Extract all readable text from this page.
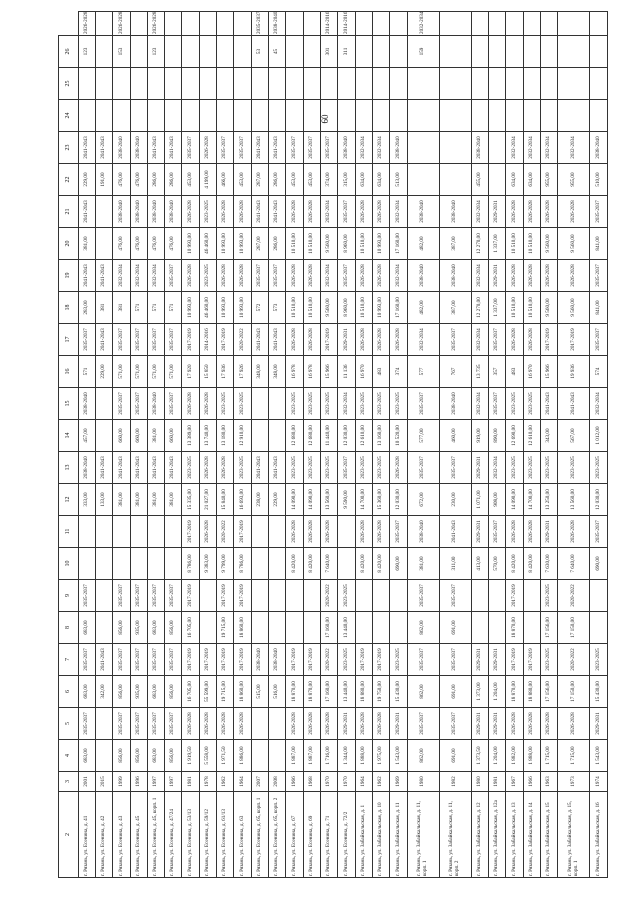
60
2	3	4	5	6	7	8	9	10	11	12	13	14	15	16	17	18	19	20	21	22	23	24	25	26	
г. Рязань, ул. Есенина, д. 41	2001	683,00	2035-2037	683,00	2035-2037	683,00	2035-2037			333,00	2038-2040	457,00	2038-2040	571	2035-2037	283,00	2041-2043	381,00	2041-2043	229,00	2041-2043			123	2026-2028
г. Рязань, ул. Есенина, д. 42	2015			342,00	2041-2043					133,00	2041-2043			229,00	2041-2043	381	2041-2043			191,00	2041-2043				
г. Рязань, ул. Есенина, д. 43	1999	856,00	2035-2037	856,00	2035-2037	856,00	2035-2037			381,00	2041-2043	660,00	2035-2037	571,00	2035-2037	381	2032-2034	476,00	2038-2040	476,00	2038-2040			153	2026-2028
г. Рязань, ул. Есенина, д. 45	1996	856,00	2035-2037	935,00	2035-2037	935,00	2035-2037			381,00	2041-2043	660,00	2035-2037	571,00	2035-2037	571	2032-2034	476,00	2038-2040	476,00	2038-2040				
г. Рязань, ул. Есенина, д. 45, корп. 1	1997	683,00	2035-2037	683,00	2035-2037	683,00	2035-2037			381,00	2041-2043	381,00	2038-2040	571,00	2035-2037	571	2032-2034	476,00	2038-2040	286,00	2041-2043			123	2026-2028
г. Рязань, ул. Есенина, д. 47/24	1997	856,00	2035-2037	856,00	2035-2037	856,00	2035-2037			381,00	2041-2043	660,00	2035-2037	571,00	2035-2037	571	2035-2037	476,00	2038-2040	286,00	2041-2043				
г. Рязань, ул. Есенина, д. 53/13	1981	1 919,50	2026-2028	16 705,00	2017-2019	16 705,00	2017-2019	8 786,00	2017-2019	15 335,00	2023-2025	13 389,00	2026-2028	17 920	2017-2019	10 993,00	2026-2028	10 993,00	2026-2028	453,00	2035-2037				
г. Рязань, ул. Есенина, д. 59/12	1978	5 558,00	2026-2028	55 599,00	2017-2019			9 383,00	2026-2028	21 027,00	2026-2028	13 740,00	2026-2028	15 850	2014-2016	46 460,00	2023-2025	46 460,00	2023-2025	4 199,00	2026-2028				
г. Рязань, ул. Есенина, д. 61/13	1962	1 971,50	2026-2028	19 715,00	2017-2019	19 715,00	2017-2019	9 799,00	2020-2022	15 840,00	2026-2028	13 180,00	2023-2025	17 936	2017-2019	10 993,00	2026-2028	10 993,00	2026-2028	466,00	2035-2037				
г. Рязань, ул. Есенина, д. 63	1964	1 886,00	2026-2028	18 860,00	2017-2019	18 860,00	2017-2019	8 786,00	2017-2019	16 693,00	2023-2025	12 910,00	2023-2025	17 926	2020-2022	10 993,00	2026-2028	10 993,00	2026-2028	453,00	2035-2037				
г. Рязань, ул. Есенина, д. 65, корп. 1	2007			515,00	2038-2040					238,00	2041-2043			348,00	2041-2043	572	2035-2037	287,00	2041-2043	287,00	2041-2043			53	2035-2037
г. Рязань, ул. Есенина, д. 65, корп. 2	2008			516,00	2038-2040					229,00	2041-2043			348,00	2041-2043	573	2035-2037	286,00	2041-2043	286,00	2041-2043			45	2038-2040
г. Рязань, ул. Есенина, д. 67	1966	1 887,00	2026-2028	18 870,00	2017-2019			8 420,00	2026-2028	14 090,00	2023-2025	12 680,00	2023-2025	16 978	2026-2028	10 510,00	2026-2028	10 510,00	2026-2028	453,00	2035-2037				
г. Рязань, ул. Есенина, д. 69	1968	1 887,00	2026-2028	18 870,00	2017-2019			8 420,00	2026-2028	14 090,00	2023-2025	12 680,00	2023-2025	16 978	2026-2028	10 510,00	2026-2028	10 510,00	2026-2028	453,00	2035-2037				
г. Рязань, ул. Есенина, д. 71	1970	1 716,00	2026-2028	17 160,00	2020-2022	17 160,00	2020-2022	7 640,00	2026-2028	13 560,00	2023-2025	11 440,00	2023-2025	15 966	2017-2019	9 560,00	2032-2034	9 560,00	2032-2034	374,00	2035-2037			301	2014-2016
г. Рязань, ул. Есенина, д. 72/2	1970	1 344,00	2029-2031	13 440,00	2023-2025	13 440,00	2023-2025			9 590,00	2035-2037	12 030,00	2032-2034	11 136	2029-2031	8 960,00	2035-2037	8 960,00	2035-2037	315,00	2038-2040			311	2014-2016
г. Рязань, ул. Забайкальская, д. 1	1964	1 888,00	2026-2028	18 880,00	2017-2019			8 420,00	2026-2028	14 700,00	2023-2025	12 610,00	2023-2025	16 970	2026-2028	10 510,00	2026-2028	10 510,00	2026-2028	634,00	2032-2034				
г. Рязань, ул. Забайкальская, д. 10	1962	1 975,00	2026-2028	19 750,00	2017-2019			8 420,00	2026-2028	15 360,00	2023-2025	13 160,00	2023-2025	483	2026-2028	10 993,00	2026-2028	10 993,00	2026-2028	634,00	2032-2034				
г. Рязань, ул. Забайкальская, д. 11	1969	1 543,00	2029-2031	15 430,00	2023-2025			690,00	2035-2037	12 030,00	2026-2028	10 520,00	2023-2025	374	2026-2028	17 160,00	2032-2034	17 160,00	2032-2034	513,00	2038-2040				
г. Рязань, ул. Забайкальская, д. 11, корп. 1	1980	862,00	2035-2037	862,00	2035-2037	862,00	2035-2037	381,00	2038-2040	672,00	2035-2037	577,00	2035-2037	577	2032-2034	482,00	2038-2040	482,00	2038-2040					159	2032-2034
г. Рязань, ул. Забайкальская, д. 11, корп. 2	1982	691,00	2035-2037	691,00	2035-2037	691,00	2035-2037	311,00	2041-2043	230,00	2035-2037	460,00	2038-2040	767	2035-2037	387,00	2038-2040	387,00	2038-2040						
г. Рязань, ул. Забайкальская, д. 12	1980	1 373,50	2029-2031	1 373,00	2029-2031			413,00	2029-2031	1 071,00	2029-2031	919,00	2032-2034	13 735	2032-2034	12 270,00	2032-2034	12 270,00	2032-2034	455,00	2038-2040				
г. Рязань, ул. Забайкальская, д. 12а	1981	1 204,00	2029-2031	1 204,00	2029-2031			570,00	2035-2037	908,00	2032-2034	890,00	2035-2037	357	2035-2037	1 337,00	2029-2031	1 337,00	2029-2031						
г. Рязань, ул. Забайкальская, д. 13	1967	1 882,00	2026-2028	18 870,00	2017-2019	18 870,00	2017-2019	8 420,00	2026-2028	14 090,00	2023-2025	12 690,00	2023-2025	483	2026-2028	10 510,00	2026-2028	10 510,00	2026-2028	634,00	2032-2034				
г. Рязань, ул. Забайкальская, д. 14	1966	1 888,00	2026-2028	18 880,00	2017-2019			8 420,00	2026-2028	14 700,00	2023-2025	12 610,00	2023-2025	16 970	2026-2028	10 510,00	2026-2028	10 510,00	2026-2028	634,00	2032-2034				
г. Рязань, ул. Забайкальская, д. 15	1963	1 715,00	2026-2028	17 156,00	2023-2025	17 156,00	2023-2025	7 630,00	2029-2031	13 250,00	2023-2025	343,00	2041-2043	15 966	2017-2019	9 560,00	2026-2028	9 560,00	2026-2028	955,00	2032-2034				
г. Рязань, ул. Забайкальская, д. 15, корп. 1	1973	1 715,00	2026-2028	17 150,00	2020-2022	17 150,00	2020-2022	7 640,00	2026-2028	13 560,00	2023-2025	567,00	2041-2043	19 936	2017-2019	9 560,00	2026-2028	9 560,00	2026-2028	955,00	2032-2034				
г. Рязань, ул. Забайкальская, д. 16	1974	1 543,00	2029-2031	15 430,00	2023-2025			690,00	2035-2037	12 030,00	2023-2025	1 012,00	2032-2034	574	2035-2037	841,00	2035-2037	841,00	2035-2037	510,00	2038-2040				
